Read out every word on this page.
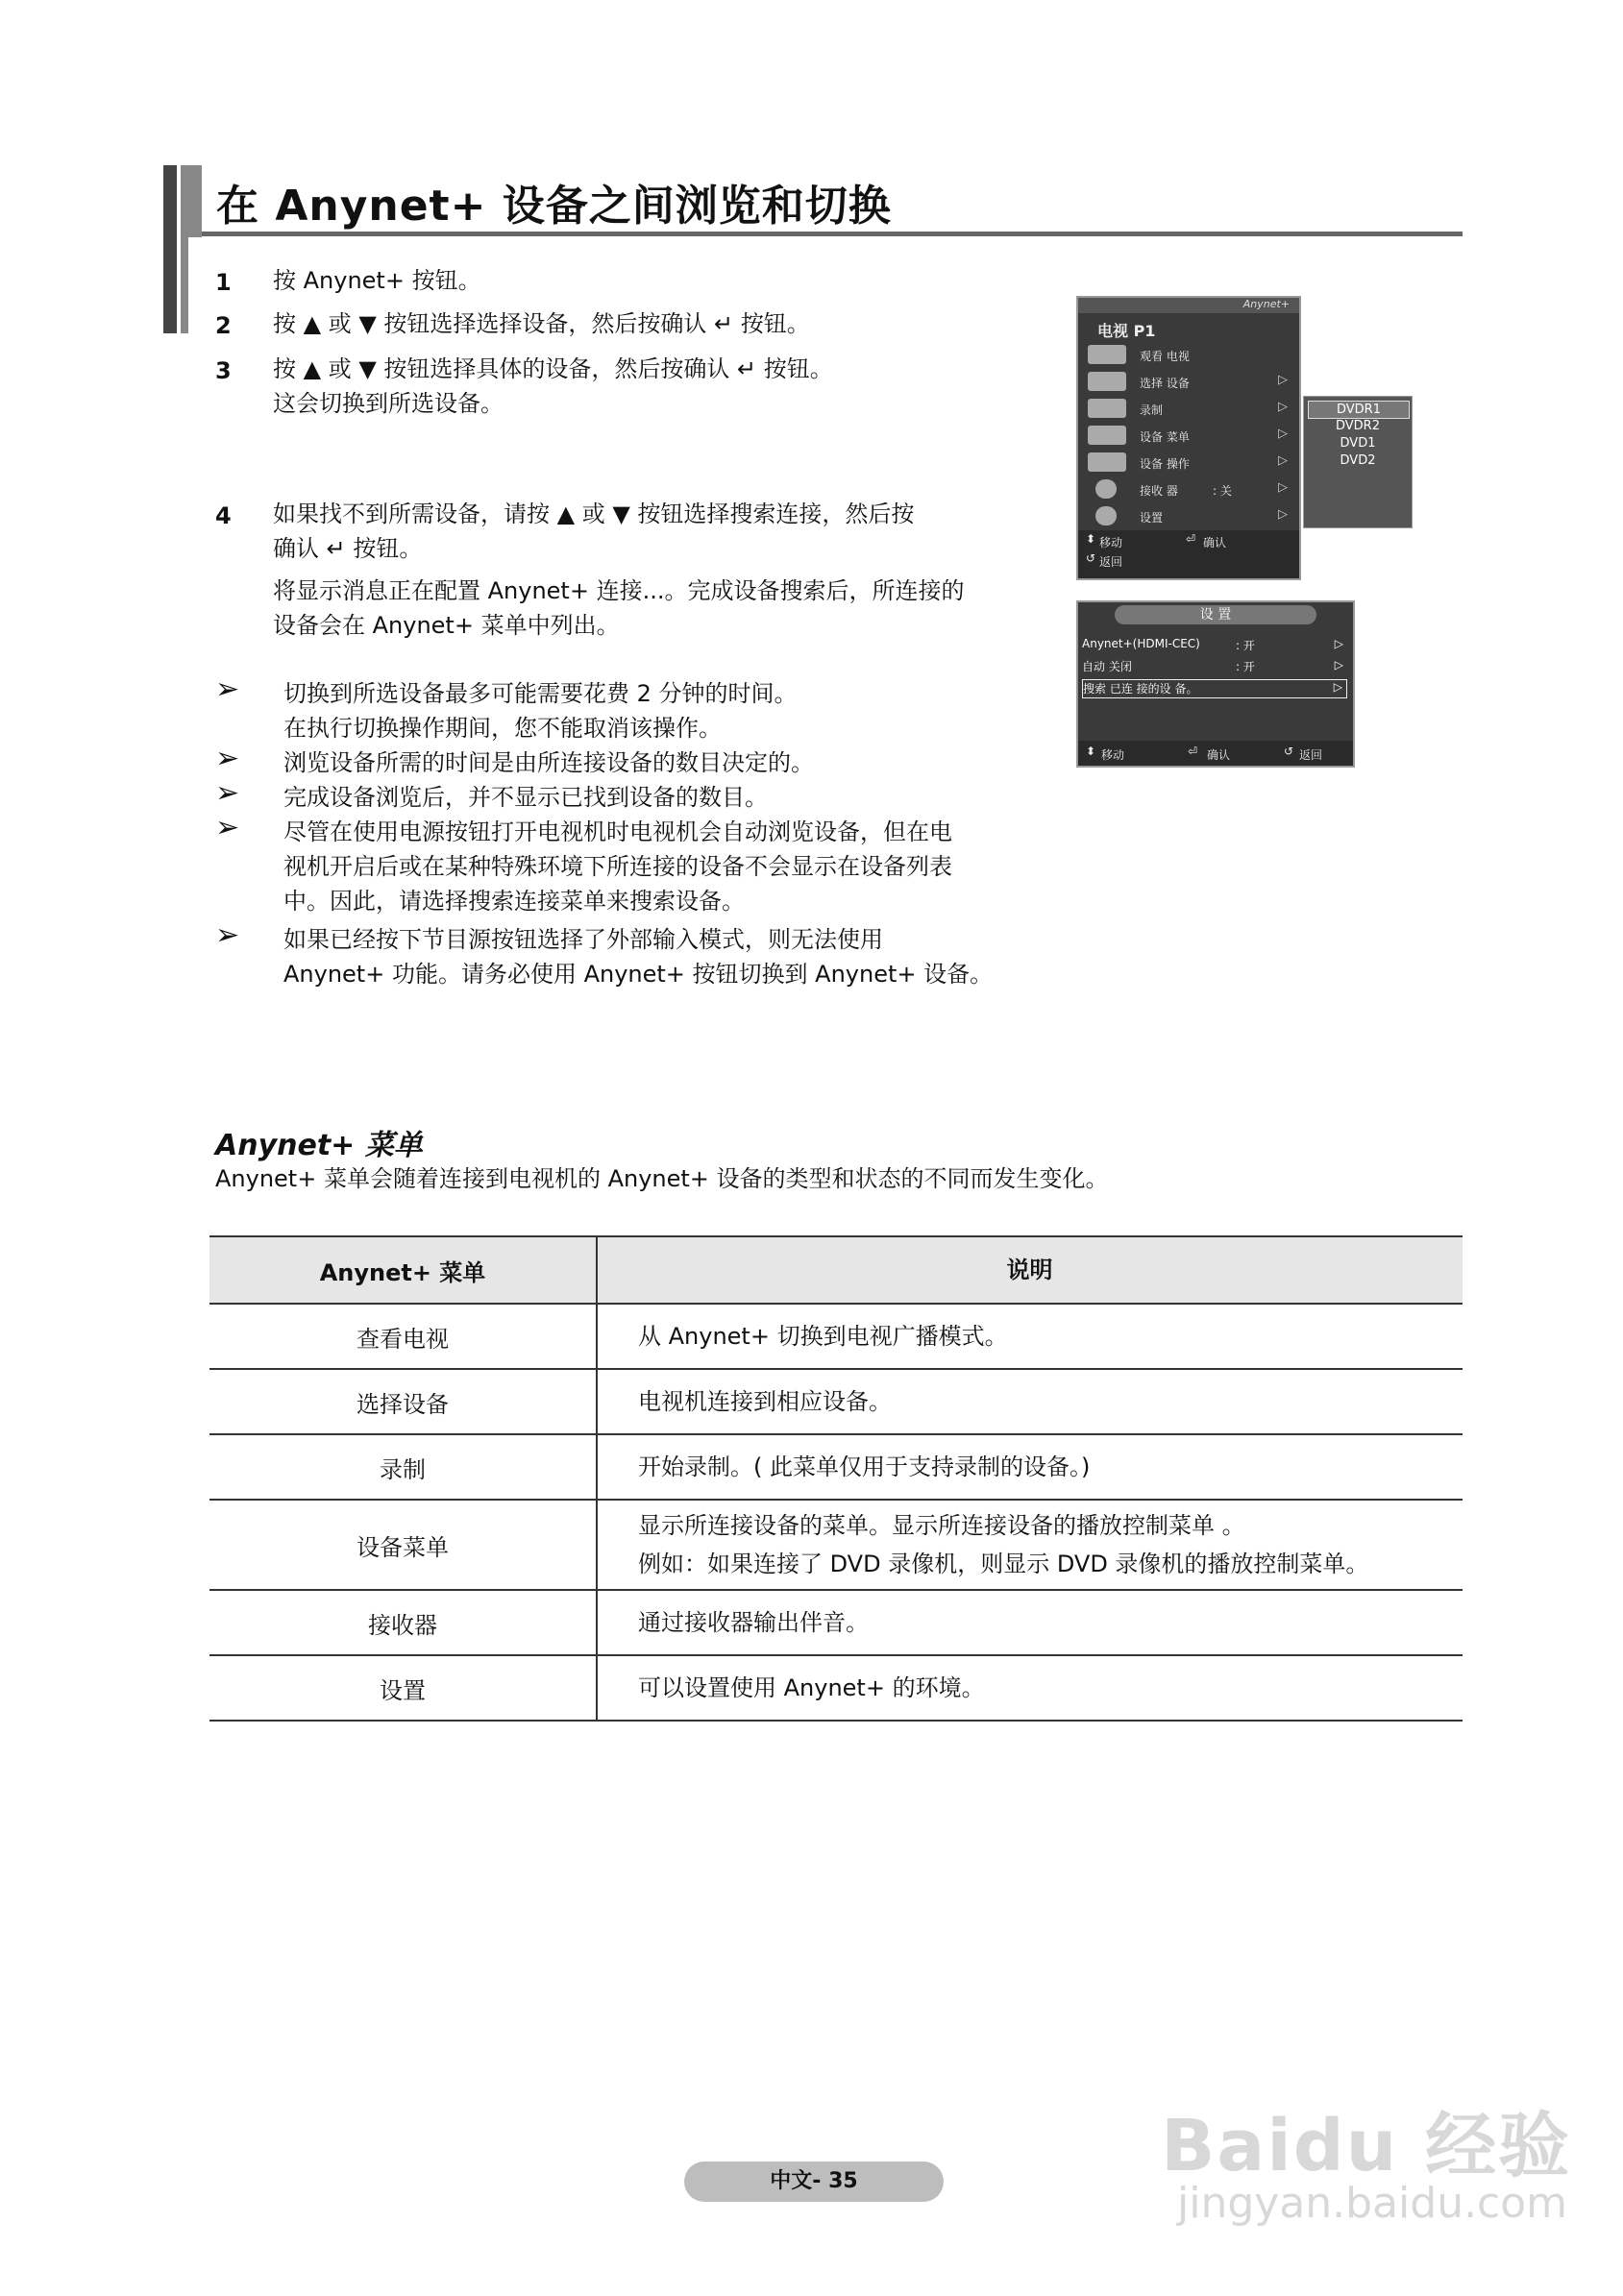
在 Anynet+ 设备之间浏览和切换
1 按 Anynet+ 按钮。
2 按 ▲ 或 ▼ 按钮选择选择设备，然后按确认 ↵ 按钮。
3 按 ▲ 或 ▼ 按钮选择具体的设备，然后按确认 ↵ 按钮。
这会切换到所选设备。
4 如果找不到所需设备，请按 ▲ 或 ▼ 按钮选择搜索连接，然后按
确认 ↵ 按钮。
将显示消息正在配置 Anynet+ 连接...。完成设备搜索后，所连接的
设备会在 Anynet+ 菜单中列出。
➢ 切换到所选设备最多可能需要花费 2 分钟的时间。
在执行切换操作期间，您不能取消该操作。
➢ 浏览设备所需的时间是由所连接设备的数目决定的。
➢ 完成设备浏览后，并不显示已找到设备的数目。
➢ 尽管在使用电源按钮打开电视机时电视机会自动浏览设备，但在电
视机开启后或在某种特殊环境下所连接的设备不会显示在设备列表
中。因此，请选择搜索连接菜单来搜索设备。
➢ 如果已经按下节目源按钮选择了外部输入模式，则无法使用
Anynet+ 功能。请务必使用 Anynet+ 按钮切换到 Anynet+ 设备。
Anynet+
电视 P1
观看 电视
选择 设备	▷
录制	▷
设备 菜单	▷
设备 操作	▷
接收 器	: 关	▷
设置	▷
⬍ 移动	⏎ 确认
↺ 返回
DVDR1
DVDR2
DVD1
DVD2
设 置
Anynet+(HDMI-CEC)	: 开	▷
自动 关闭	: 开	▷
搜索 已连 接的设 备。	▷
⬍ 移动	⏎ 确认	↺ 返回
Anynet+ 菜单
Anynet+ 菜单会随着连接到电视机的 Anynet+ 设备的类型和状态的不同而发生变化。
Anynet+ 菜单	说明
查看电视	从 Anynet+ 切换到电视广播模式。
选择设备	电视机连接到相应设备。
录制	开始录制。( 此菜单仅用于支持录制的设备。)
设备菜单	显示所连接设备的菜单。显示所连接设备的播放控制菜单 。
例如：如果连接了 DVD 录像机，则显示 DVD 录像机的播放控制菜单。

接收器	通过接收器输出伴音。
设置	可以设置使用 Anynet+ 的环境。
中文- 35	Baidu 经验
jingyan.baidu.com
